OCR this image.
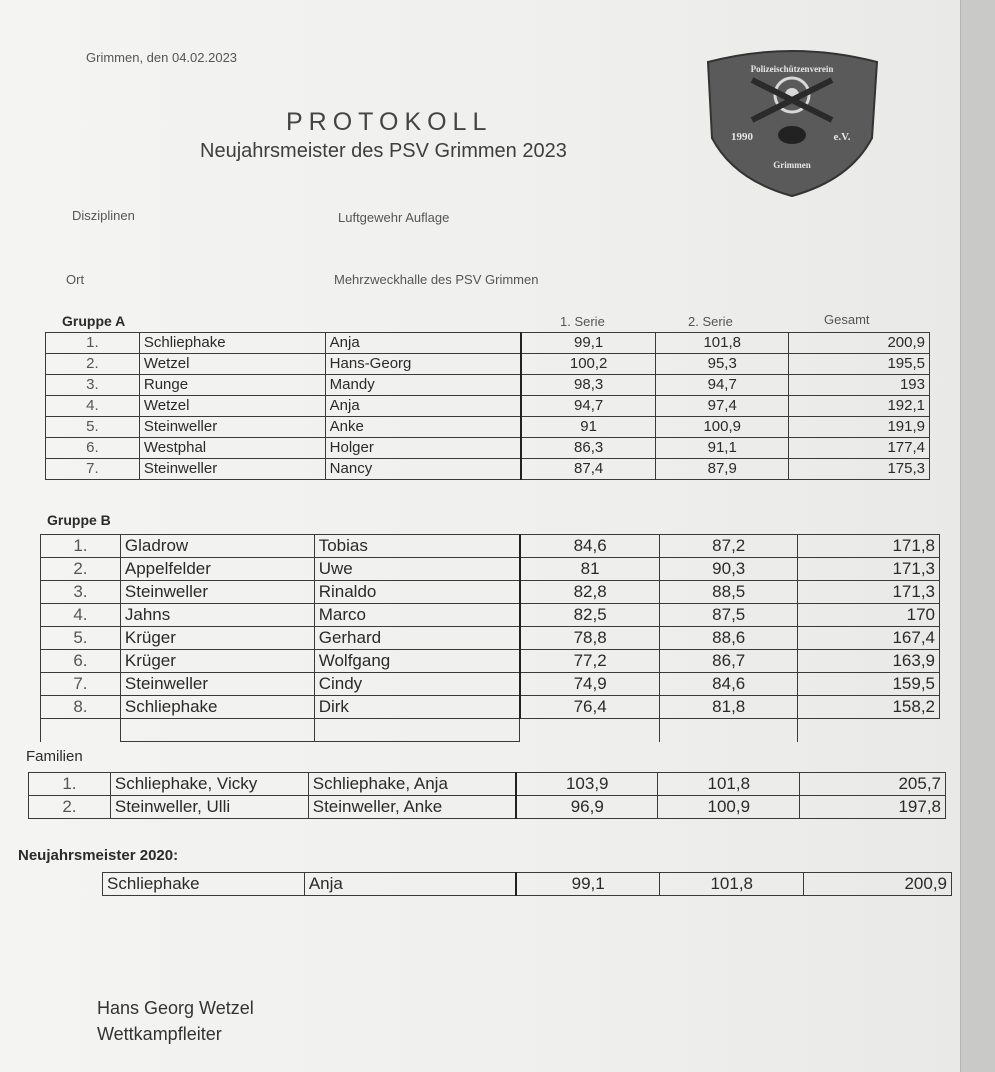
Grimmen, den 04.02.2023
PROTOKOLL
Neujahrsmeister des PSV Grimmen 2023
Polizeischützenverein
1990	e.V.
Grimmen
Disziplinen	Luftgewehr Auflage
Ort	Mehrzweckhalle des PSV Grimmen
Gruppe A	1. Serie	2. Serie	Gesamt
1.	Schliephake	Anja	99,1	101,8	200,9
2.	Wetzel	Hans-Georg	100,2	95,3	195,5
3.	Runge	Mandy	98,3	94,7	193
4.	Wetzel	Anja	94,7	97,4	192,1
5.	Steinweller	Anke	91	100,9	191,9
6.	Westphal	Holger	86,3	91,1	177,4
7.	Steinweller	Nancy	87,4	87,9	175,3
Gruppe B
1.	Gladrow	Tobias	84,6	87,2	171,8
2.	Appelfelder	Uwe	81	90,3	171,3
3.	Steinweller	Rinaldo	82,8	88,5	171,3
4.	Jahns	Marco	82,5	87,5	170
5.	Krüger	Gerhard	78,8	88,6	167,4
6.	Krüger	Wolfgang	77,2	86,7	163,9
7.	Steinweller	Cindy	74,9	84,6	159,5
8.	Schliephake	Dirk	76,4	81,8	158,2

Familien
1.	Schliephake, Vicky	Schliephake, Anja	103,9	101,8	205,7
2.	Steinweller, Ulli	Steinweller, Anke	96,9	100,9	197,8
Neujahrsmeister 2020:
Schliephake	Anja	99,1	101,8	200,9
Hans Georg Wetzel
Wettkampfleiter
